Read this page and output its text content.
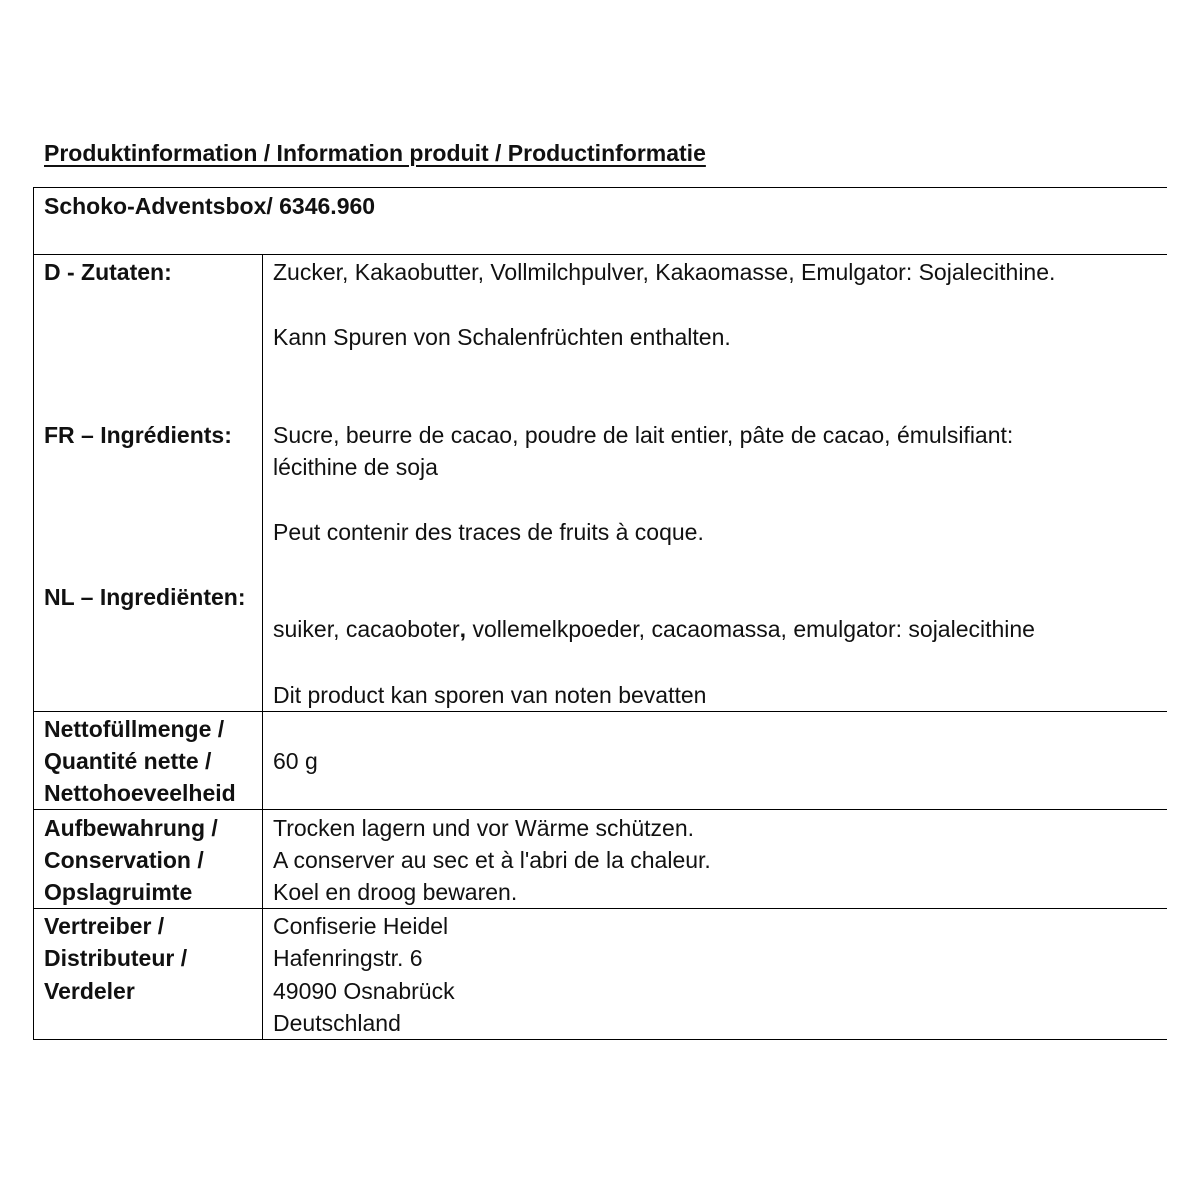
Produktinformation / Information produit / Productinformatie
Schoko-Adventsbox/ 6346.960
D - Zutaten:
FR – Ingrédients:
NL – Ingrediënten:
Zucker, Kakaobutter, Vollmilchpulver, Kakaomasse, Emulgator: Sojalecithine.
Kann Spuren von Schalenfrüchten enthalten.
Sucre, beurre de cacao, poudre de lait entier, pâte de cacao, émulsifiant:
lécithine de soja
Peut contenir des traces de fruits à coque.
suiker, cacaoboter, vollemelkpoeder, cacaomassa, emulgator: sojalecithine
Dit product kan sporen van noten bevatten
Nettofüllmenge /
Quantité nette /
Nettohoeveelheid
60 g
Aufbewahrung /
Conservation /
Opslagruimte
Trocken lagern und vor Wärme schützen.
A conserver au sec et à l'abri de la chaleur.
Koel en droog bewaren.
Vertreiber /
Distributeur /
Verdeler
Confiserie Heidel
Hafenringstr. 6
49090 Osnabrück
Deutschland
